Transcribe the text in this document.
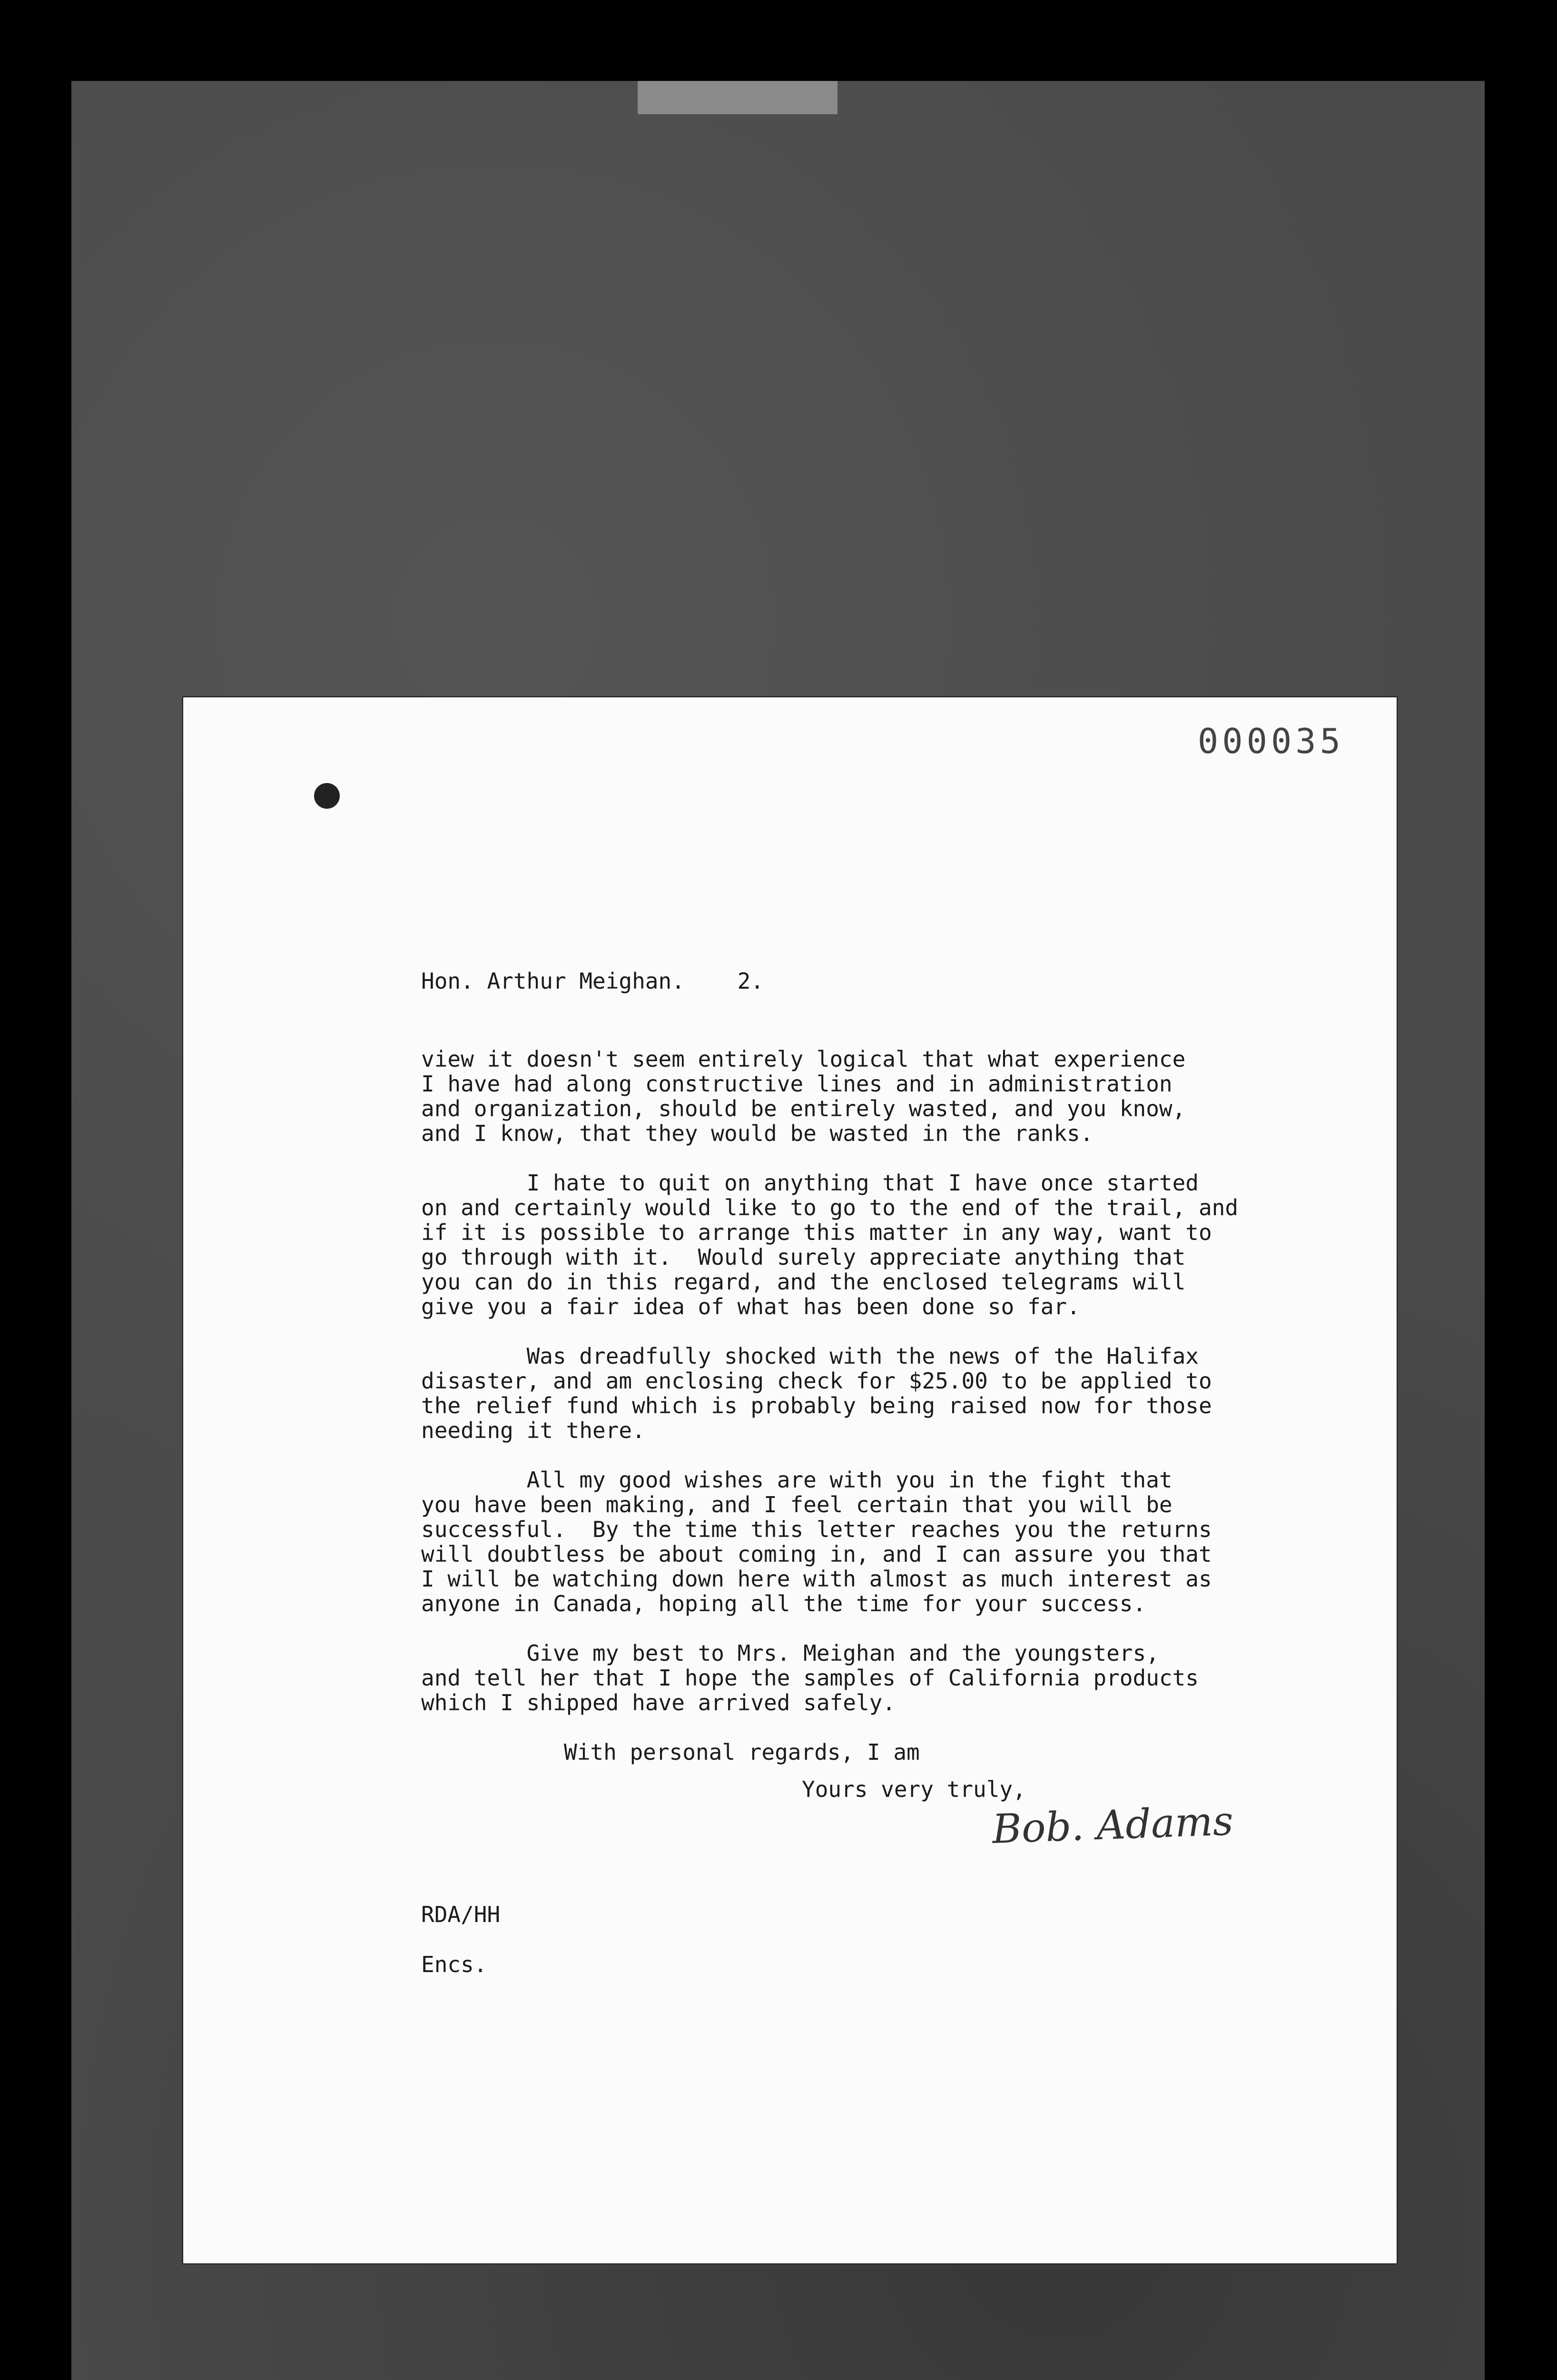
000035
Hon. Arthur Meighan.    2.
view it doesn't seem entirely logical that what experience
I have had along constructive lines and in administration
and organization, should be entirely wasted, and you know,
and I know, that they would be wasted in the ranks.
I hate to quit on anything that I have once started
on and certainly would like to go to the end of the trail, and
if it is possible to arrange this matter in any way, want to
go through with it.  Would surely appreciate anything that
you can do in this regard, and the enclosed telegrams will
give you a fair idea of what has been done so far.
Was dreadfully shocked with the news of the Halifax
disaster, and am enclosing check for $25.00 to be applied to
the relief fund which is probably being raised now for those
needing it there.
All my good wishes are with you in the fight that
you have been making, and I feel certain that you will be
successful.  By the time this letter reaches you the returns
will doubtless be about coming in, and I can assure you that
I will be watching down here with almost as much interest as
anyone in Canada, hoping all the time for your success.
Give my best to Mrs. Meighan and the youngsters,
and tell her that I hope the samples of California products
which I shipped have arrived safely.
With personal regards, I am
Yours very truly,
Bob. Adams
RDA/HH
Encs.
